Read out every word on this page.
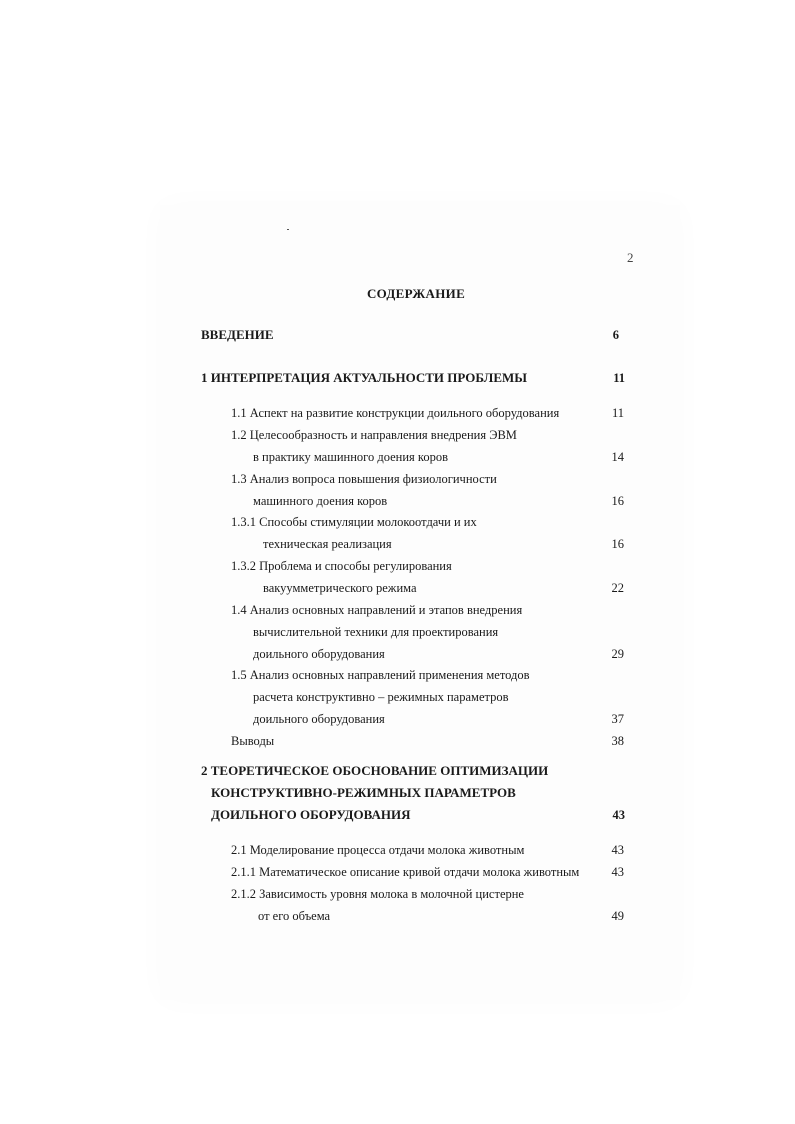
2
СОДЕРЖАНИЕ
ВВЕДЕНИЕ	6
1 ИНТЕРПРЕТАЦИЯ АКТУАЛЬНОСТИ ПРОБЛЕМЫ	11
1.1 Аспект на развитие конструкции доильного оборудования	11
1.2 Целесообразность и направления внедрения ЭВМ
в практику машинного доения коров	14
1.3 Анализ вопроса повышения физиологичности
машинного доения коров	16
1.3.1 Способы стимуляции молокоотдачи и их
техническая реализация	16
1.3.2 Проблема и способы регулирования
вакуумметрического режима	22
1.4 Анализ основных направлений и этапов внедрения
вычислительной техники для проектирования
доильного оборудования	29
1.5 Анализ основных направлений применения методов
расчета конструктивно – режимных параметров
доильного оборудования	37
Выводы	38
2 ТЕОРЕТИЧЕСКОЕ ОБОСНОВАНИЕ ОПТИМИЗАЦИИ
КОНСТРУКТИВНО-РЕЖИМНЫХ ПАРАМЕТРОВ
ДОИЛЬНОГО ОБОРУДОВАНИЯ	43
2.1 Моделирование процесса отдачи молока животным	43
2.1.1 Математическое описание кривой отдачи молока животным	43
2.1.2 Зависимость уровня молока в молочной цистерне
от его объема	49
